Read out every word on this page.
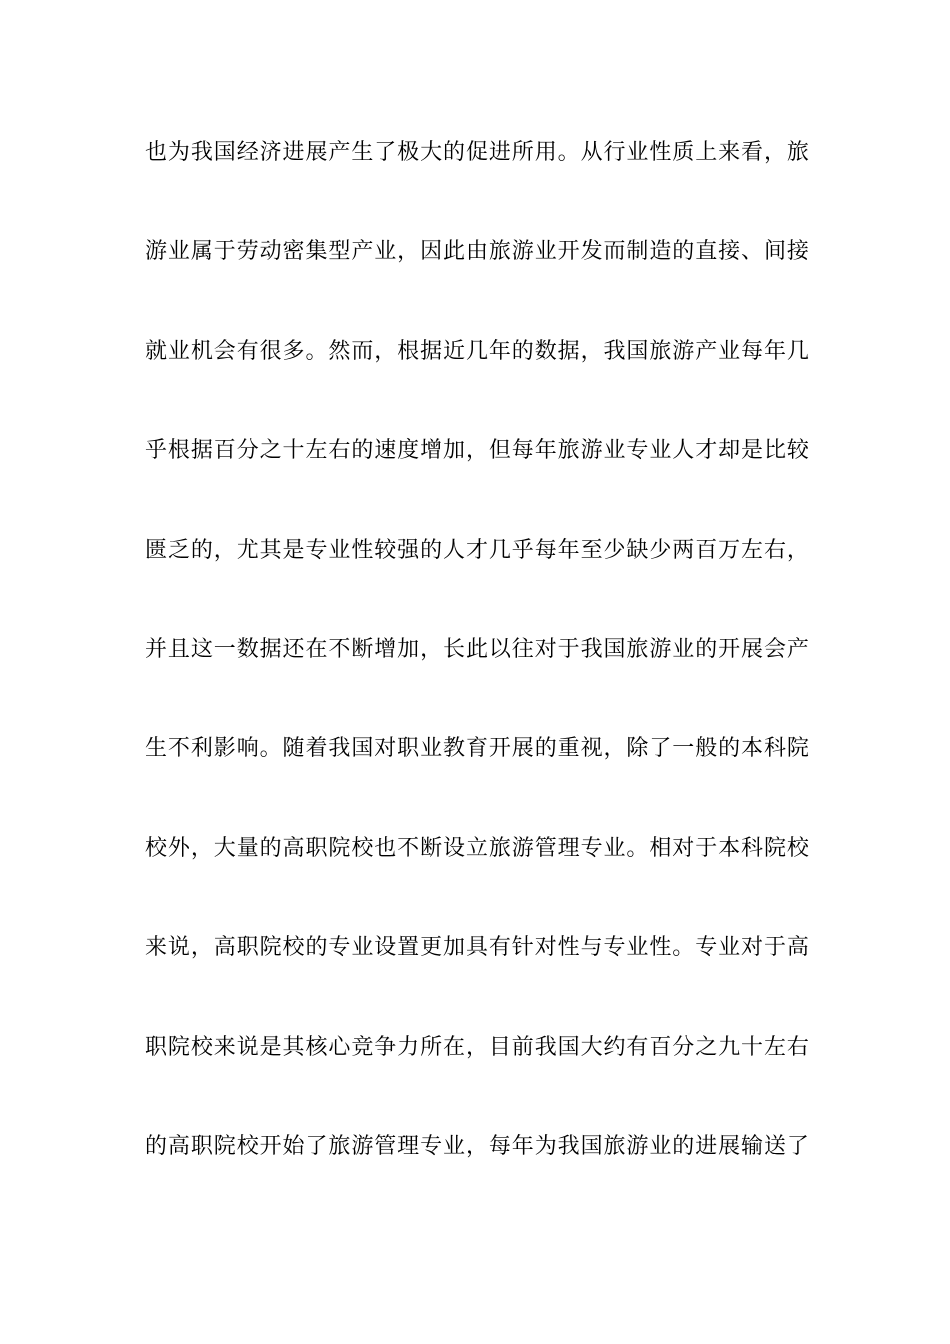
也为我国经济进展产生了极大的促进所用。从行业性质上来看，旅
游业属于劳动密集型产业，因此由旅游业开发而制造的直接、间接
就业机会有很多。然而，根据近几年的数据，我国旅游产业每年几
乎根据百分之十左右的速度增加，但每年旅游业专业人才却是比较
匮乏的，尤其是专业性较强的人才几乎每年至少缺少两百万左右，
并且这一数据还在不断增加，长此以往对于我国旅游业的开展会产
生不利影响。随着我国对职业教育开展的重视，除了一般的本科院
校外，大量的高职院校也不断设立旅游管理专业。相对于本科院校
来说，高职院校的专业设置更加具有针对性与专业性。专业对于高
职院校来说是其核心竞争力所在，目前我国大约有百分之九十左右
的高职院校开始了旅游管理专业，每年为我国旅游业的进展输送了
